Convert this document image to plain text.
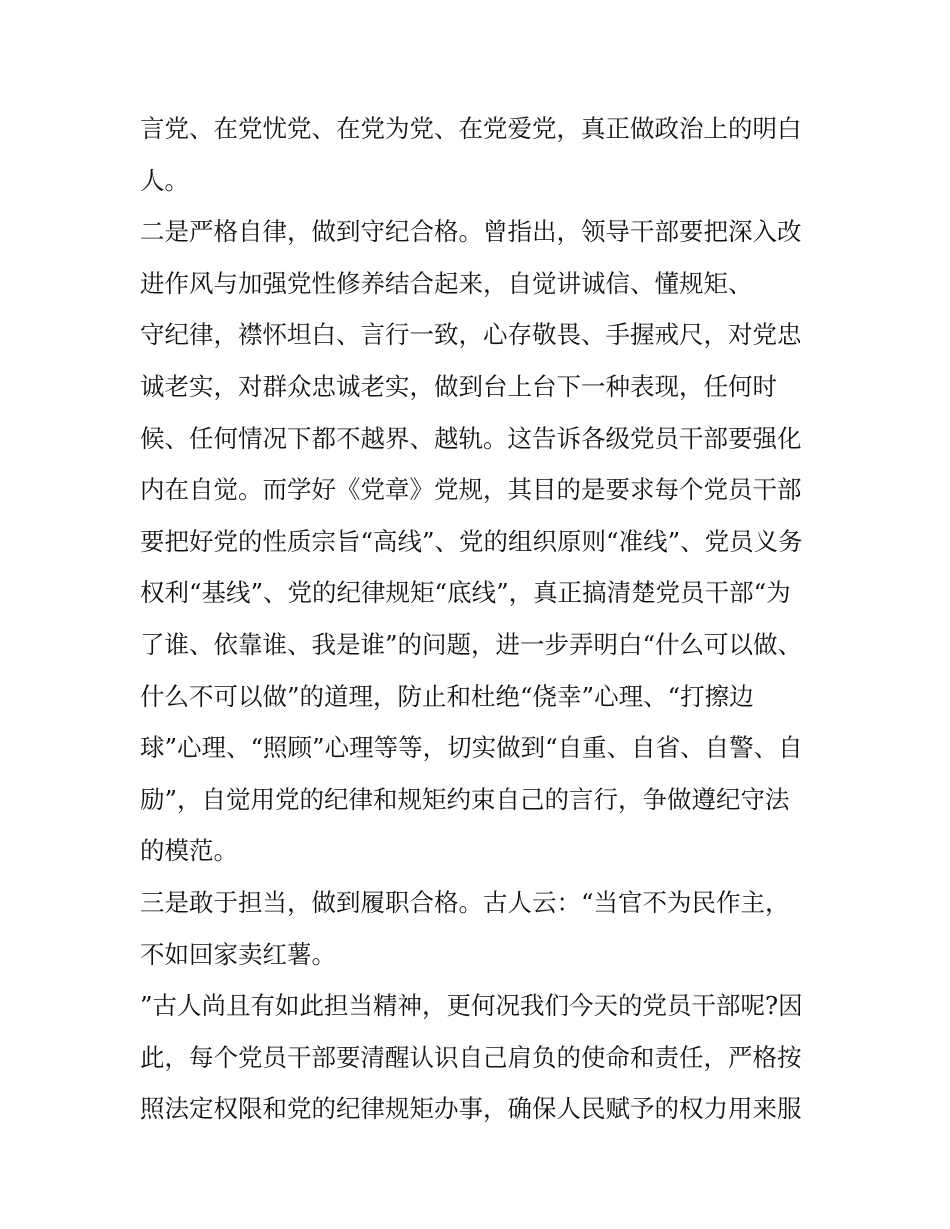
言党、在党忧党、在党为党、在党爱党，真正做政治上的明白
人。
二是严格自律，做到守纪合格。曾指出，领导干部要把深入改
进作风与加强党性修养结合起来，自觉讲诚信、懂规矩、
守纪律，襟怀坦白、言行一致，心存敬畏、手握戒尺，对党忠
诚老实，对群众忠诚老实，做到台上台下一种表现，任何时
候、任何情况下都不越界、越轨。这告诉各级党员干部要强化
内在自觉。而学好《党章》党规，其目的是要求每个党员干部
要把好党的性质宗旨“高线”、党的组织原则“准线”、党员义务
权利“基线”、党的纪律规矩“底线”，真正搞清楚党员干部“为
了谁、依靠谁、我是谁”的问题，进一步弄明白“什么可以做、
什么不可以做”的道理，防止和杜绝“侥幸”心理、“打擦边
球”心理、“照顾”心理等等，切实做到“自重、自省、自警、自
励”，自觉用党的纪律和规矩约束自己的言行，争做遵纪守法
的模范。
三是敢于担当，做到履职合格。古人云：“当官不为民作主，
不如回家卖红薯。
”古人尚且有如此担当精神，更何况我们今天的党员干部呢?因
此，每个党员干部要清醒认识自己肩负的使命和责任，严格按
照法定权限和党的纪律规矩办事，确保人民赋予的权力用来服
